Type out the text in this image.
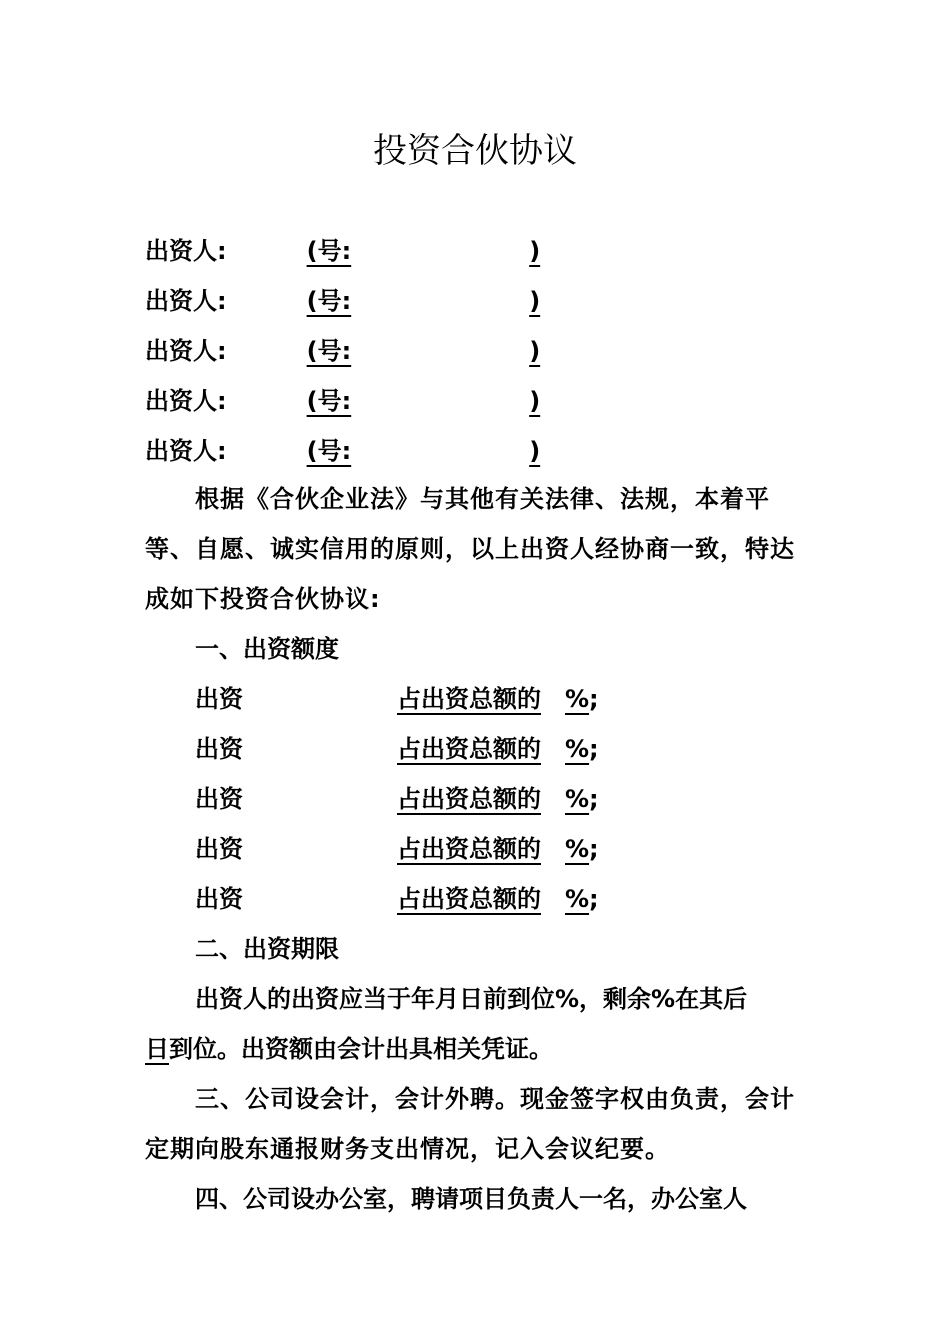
投资合伙协议
出资人:	(号:	)
出资人:	(号:	)
出资人:	(号:	)
出资人:	(号:	)
出资人:	(号:	)
根据《合伙企业法》与其他有关法律、法规，本着平等、自愿、诚实信用的原则，以上出资人经协商一致，特达成如下投资合伙协议:
一、出资额度
出资	占出资总额的 %;
出资	占出资总额的 %;
出资	占出资总额的 %;
出资	占出资总额的 %;
出资	占出资总额的 %;
二、出资期限
出资人的出资应当于年月日前到位%，剩余%在其后
日到位。出资额由会计出具相关凭证。
三、公司设会计，会计外聘。现金签字权由负责，会计定期向股东通报财务支出情况，记入会议纪要。
四、公司设办公室，聘请项目负责人一名，办公室人
